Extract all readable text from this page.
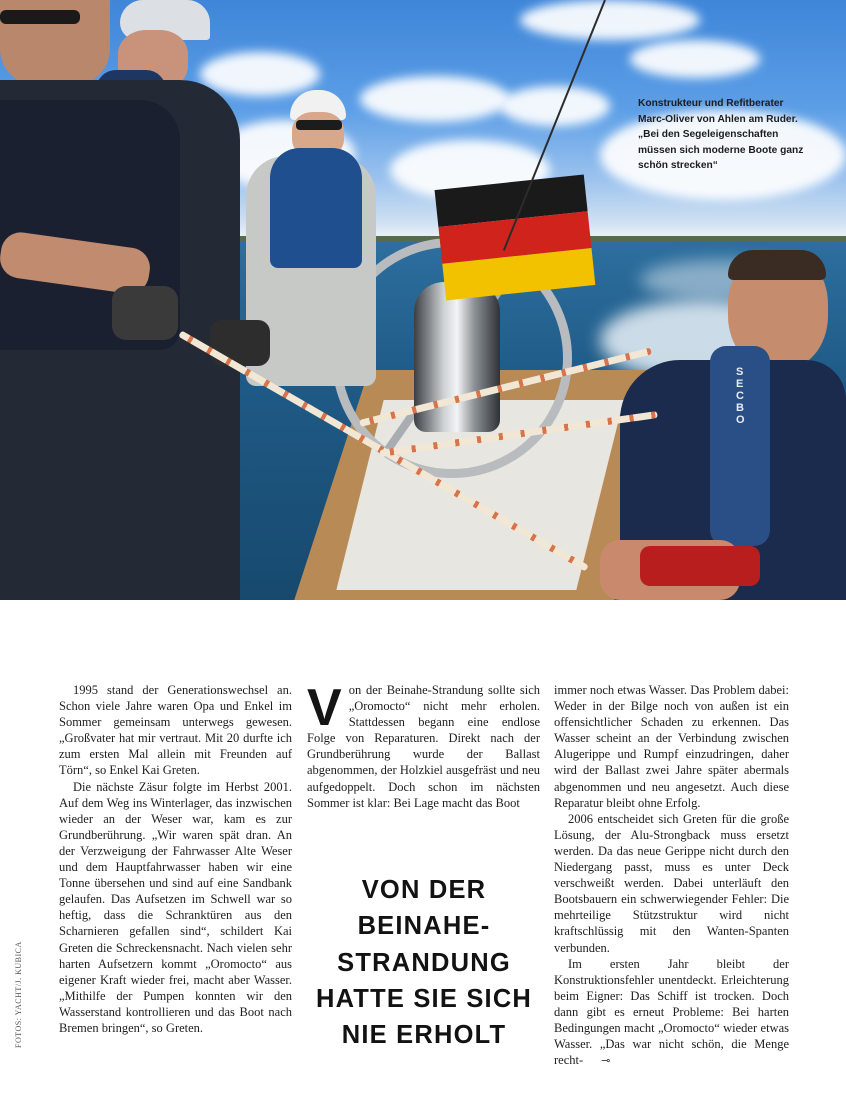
SECBO
Konstrukteur und Refitberater
Marc-Oliver von Ahlen am Ruder.
„Bei den Segeleigenschaften
müssen sich moderne Boote ganz
schön strecken“

1995 stand der Generationswechsel an. Schon viele Jahre waren Opa und Enkel im Sommer gemeinsam unterwegs gewesen. „Großvater hat mir vertraut. Mit 20 durfte ich zum ersten Mal allein mit Freunden auf Törn“, so Enkel Kai Greten.

Die nächste Zäsur folgte im Herbst 2001. Auf dem Weg ins Winterlager, das inzwischen wieder an der Weser war, kam es zur Grundberührung. „Wir waren spät dran. An der Verzweigung der Fahrwasser Alte Weser und dem Hauptfahrwasser haben wir eine Tonne übersehen und sind auf eine Sandbank gelaufen. Das Aufsetzen im Schwell war so heftig, dass die Schranktüren aus den Scharnieren gefallen sind“, schildert Kai Greten die Schreckensnacht. Nach vielen sehr harten Aufsetzern kommt „Oromocto“ aus eigener Kraft wieder frei, macht aber Wasser. „Mithilfe der Pumpen konnten wir den Wasserstand kontrollieren und das Boot nach Bremen bringen“, so Greten.

V on der Beinahe-Strandung sollte sich „Oromocto“ nicht mehr erholen. Stattdessen begann eine endlose Folge von Reparaturen. Direkt nach der Grundberührung wurde der Ballast abgenommen, der Holzkiel ausgefräst und neu aufgedoppelt. Doch schon im nächsten Sommer ist klar: Bei Lage macht das Boot

VON DER
BEINAHE-
STRANDUNG
HATTE SIE SICH
NIE ERHOLT

immer noch etwas Wasser. Das Problem dabei: Weder in der Bilge noch von außen ist ein offensichtlicher Schaden zu erkennen. Das Wasser scheint an der Verbindung zwischen Alugerippe und Rumpf einzudringen, daher wird der Ballast zwei Jahre später abermals abgenommen und neu angesetzt. Auch diese Reparatur bleibt ohne Erfolg.

2006 entscheidet sich Greten für die große Lösung, der Alu-Strongback muss ersetzt werden. Da das neue Gerippe nicht durch den Niedergang passt, muss es unter Deck verschweißt werden. Dabei unterläuft den Bootsbauern ein schwerwiegender Fehler: Die mehrteilige Stützstruktur wird nicht kraftschlüssig mit den Wanten-Spanten verbunden.

Im ersten Jahr bleibt der Konstruktionsfehler unentdeckt. Erleichterung beim Eigner: Das Schiff ist trocken. Doch dann gibt es erneut Probleme: Bei harten Bedingungen macht „Oromocto“ wieder etwas Wasser. „Das war nicht schön, die Menge recht- ⊸

FOTOS: YACHT/J. KUBICA
